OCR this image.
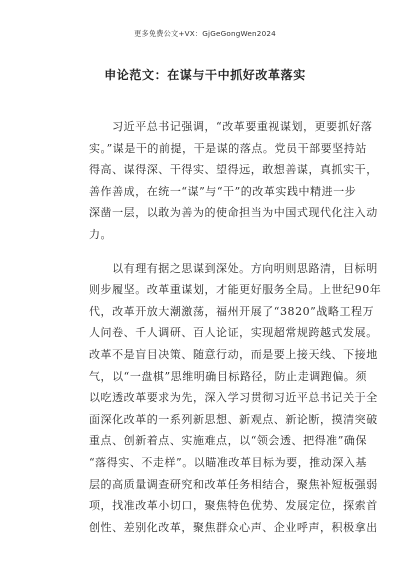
更多免费公文+VX：GjGeGongWen2024
申论范文：在谋与干中抓好改革落实
　　习近平总书记强调，“改革要重视谋划，更要抓好落
实。”谋是干的前提，干是谋的落点。党员干部要坚持站
得高、谋得深、干得实、望得远，敢想善谋，真抓实干，
善作善成，在统一“谋”与“干”的改革实践中精进一步
深凿一层，以敢为善为的使命担当为中国式现代化注入动
力。
　　以有理有据之思谋到深处。方向明则思路清，目标明
则步履坚。改革重谋划，才能更好服务全局。上世纪90年
代，改革开放大潮激荡，福州开展了“3820”战略工程万
人问卷、千人调研、百人论证，实现超常规跨越式发展。
改革不是盲目决策、随意行动，而是要上接天线、下接地
气，以“一盘棋”思维明确目标路径，防止走调跑偏。须
以吃透改革要求为先，深入学习贯彻习近平总书记关于全
面深化改革的一系列新思想、新观点、新论断，摸清突破
重点、创新着点、实施难点，以“领会透、把得准”确保
“落得实、不走样”。以瞄准改革目标为要，推动深入基
层的高质量调查研究和改革任务相结合，聚焦补短板强弱
项，找准改革小切口，聚焦特色优势、发展定位，探索首
创性、差别化改革，聚焦群众心声、企业呼声，积极拿出
